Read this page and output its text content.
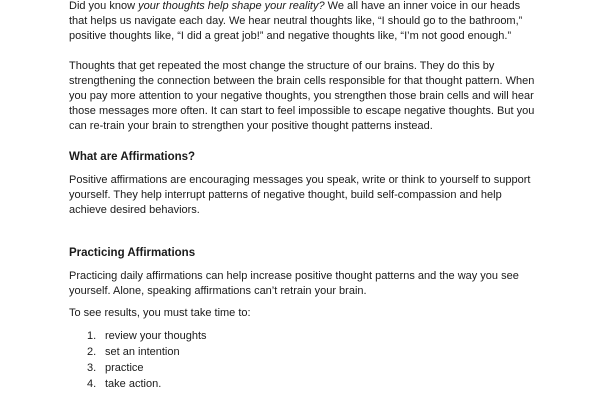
Did you know your thoughts help shape your reality? We all have an inner voice in our heads that helps us navigate each day. We hear neutral thoughts like, “I should go to the bathroom,” positive thoughts like, “I did a great job!” and negative thoughts like, “I’m not good enough.”

Thoughts that get repeated the most change the structure of our brains. They do this by strengthening the connection between the brain cells responsible for that thought pattern. When you pay more attention to your negative thoughts, you strengthen those brain cells and will hear those messages more often. It can start to feel impossible to escape negative thoughts. But you can re-train your brain to strengthen your positive thought patterns instead.

What are Affirmations?

Positive affirmations are encouraging messages you speak, write or think to yourself to support yourself. They help interrupt patterns of negative thought, build self-compassion and help achieve desired behaviors.

Practicing Affirmations

Practicing daily affirmations can help increase positive thought patterns and the way you see yourself. Alone, speaking affirmations can’t retrain your brain.

To see results, you must take time to:

1. review your thoughts
2. set an intention
3. practice
4. take action.
